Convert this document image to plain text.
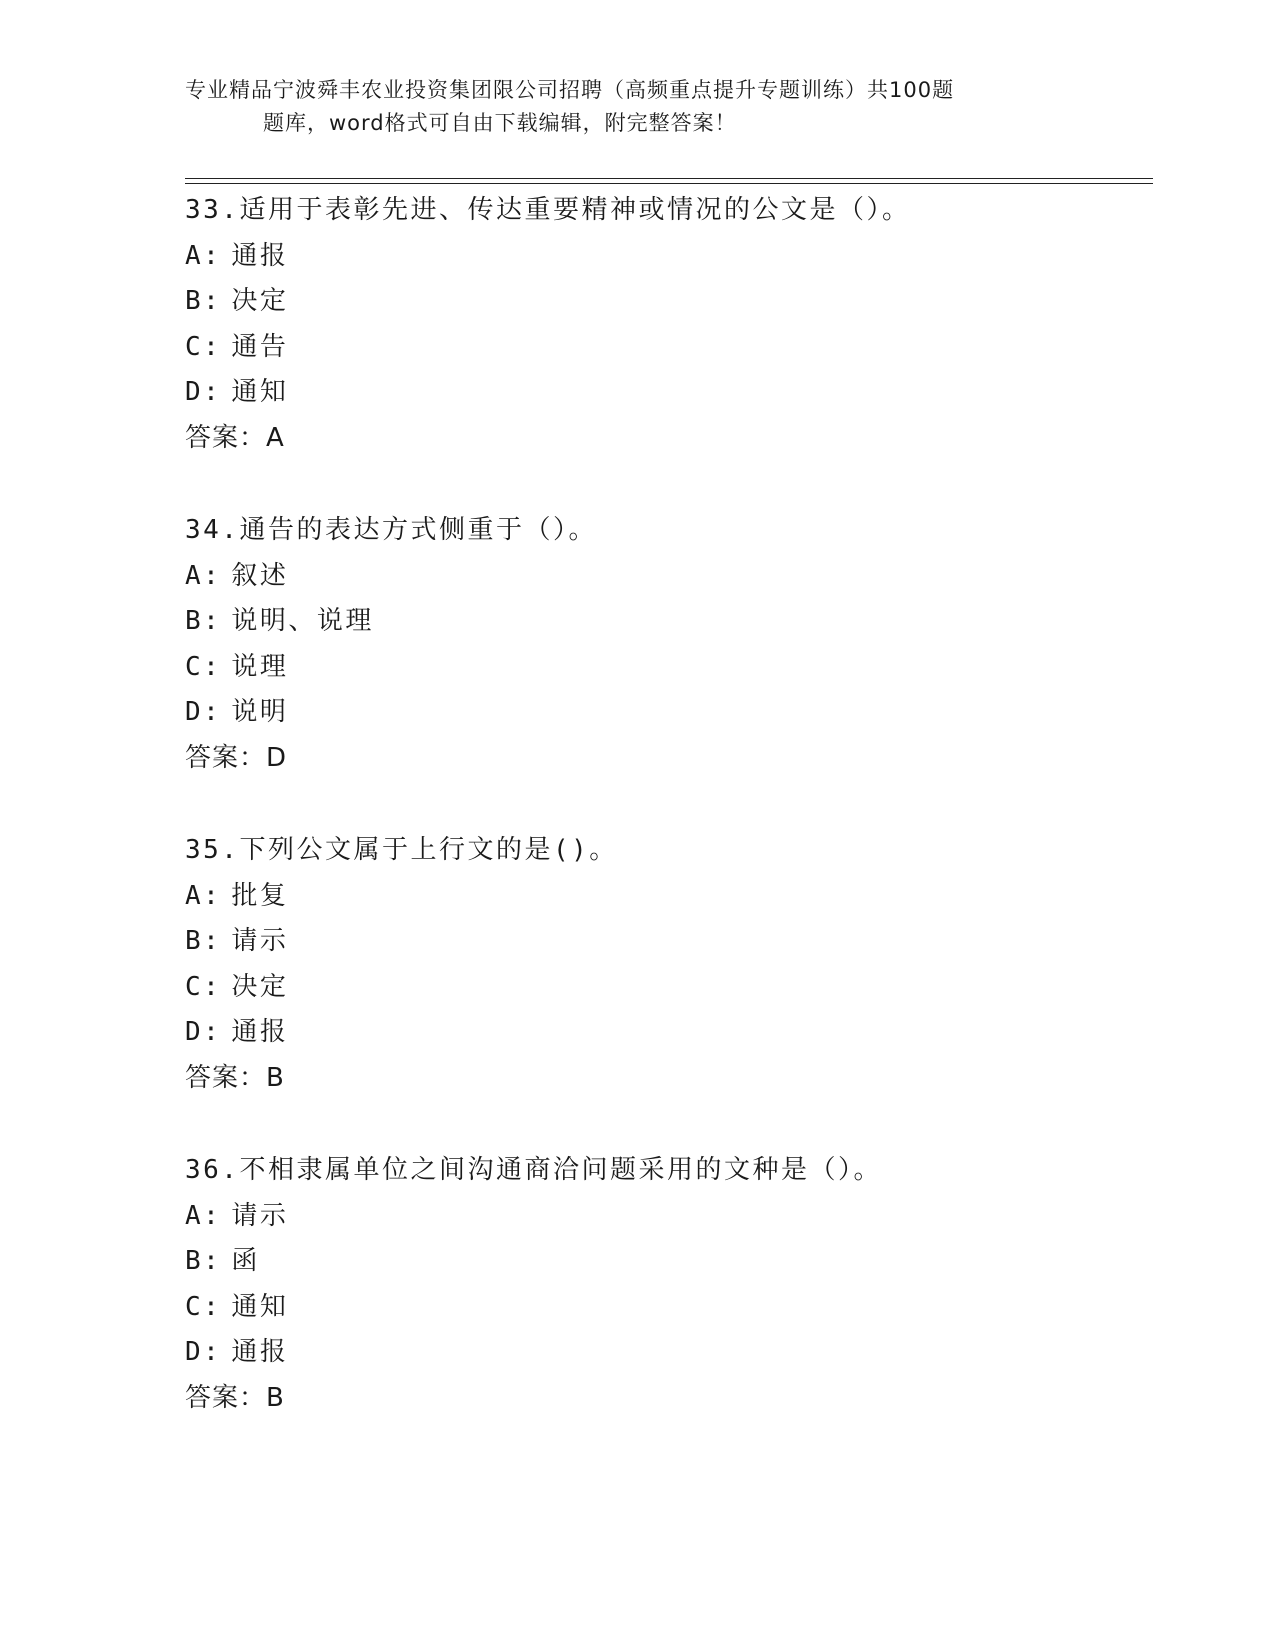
专业精品宁波舜丰农业投资集团限公司招聘（高频重点提升专题训练）共100题
题库，word格式可自由下载编辑，附完整答案！
33.适用于表彰先进、传达重要精神或情况的公文是（）。
A: 通报
B: 决定
C: 通告
D: 通知
答案：A
34.通告的表达方式侧重于（）。
A: 叙述
B: 说明、说理
C: 说理
D: 说明
答案：D
35.下列公文属于上行文的是()。
A: 批复
B: 请示
C: 决定
D: 通报
答案：B
36.不相隶属单位之间沟通商洽问题采用的文种是（）。
A: 请示
B: 函
C: 通知
D: 通报
答案：B
